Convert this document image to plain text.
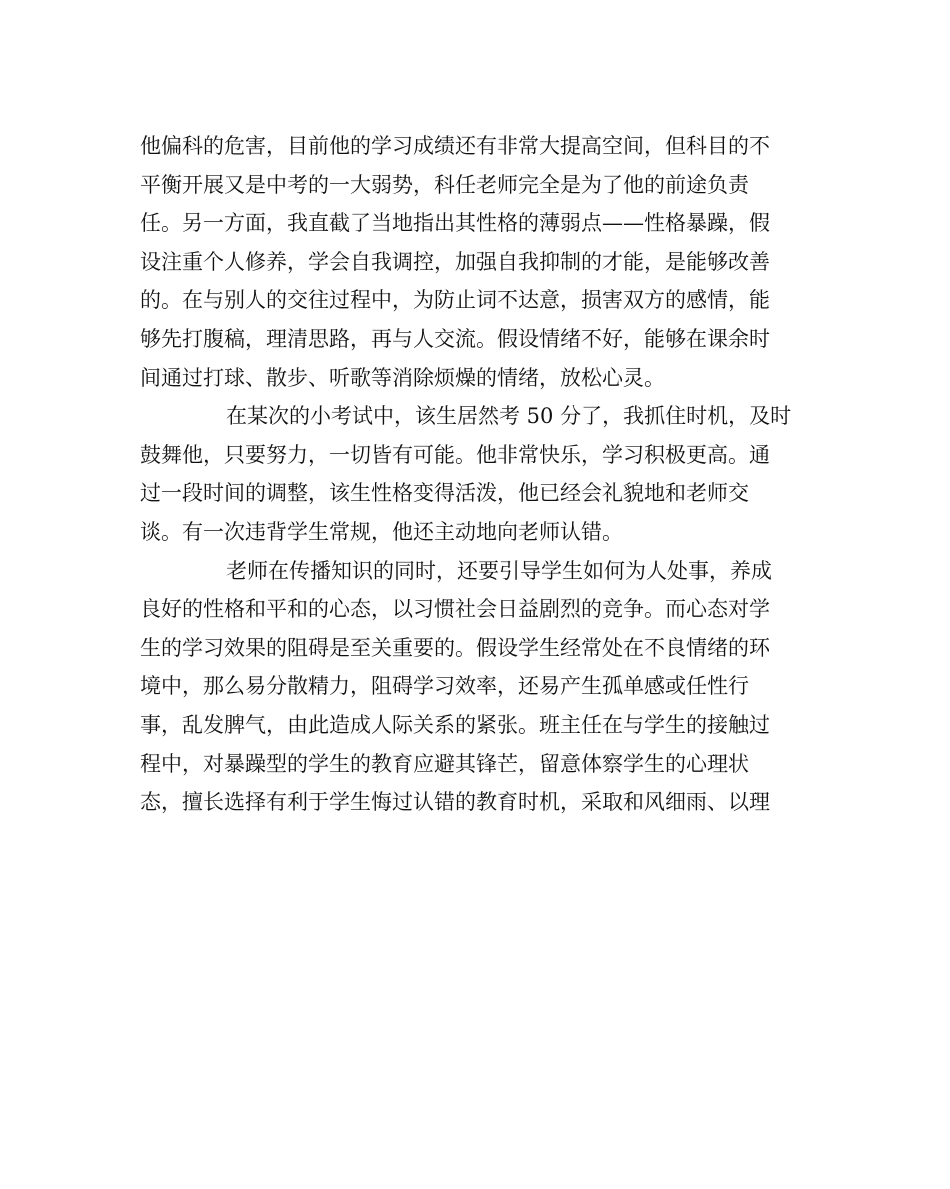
他偏科的危害，目前他的学习成绩还有非常大提高空间，但科目的不
平衡开展又是中考的一大弱势，科任老师完全是为了他的前途负责
任。另一方面，我直截了当地指出其性格的薄弱点——性格暴躁，假
设注重个人修养，学会自我调控，加强自我抑制的才能，是能够改善
的。在与别人的交往过程中，为防止词不达意，损害双方的感情，能
够先打腹稿，理清思路，再与人交流。假设情绪不好，能够在课余时
间通过打球、散步、听歌等消除烦燥的情绪，放松心灵。
在某次的小考试中，该生居然考 50 分了，我抓住时机，及时
鼓舞他，只要努力，一切皆有可能。他非常快乐，学习积极更高。通
过一段时间的调整，该生性格变得活泼，他已经会礼貌地和老师交
谈。有一次违背学生常规，他还主动地向老师认错。
老师在传播知识的同时，还要引导学生如何为人处事，养成
良好的性格和平和的心态，以习惯社会日益剧烈的竞争。而心态对学
生的学习效果的阻碍是至关重要的。假设学生经常处在不良情绪的环
境中，那么易分散精力，阻碍学习效率，还易产生孤单感或任性行
事，乱发脾气，由此造成人际关系的紧张。班主任在与学生的接触过
程中，对暴躁型的学生的教育应避其锋芒，留意体察学生的心理状
态，擅长选择有利于学生悔过认错的教育时机，采取和风细雨、以理
